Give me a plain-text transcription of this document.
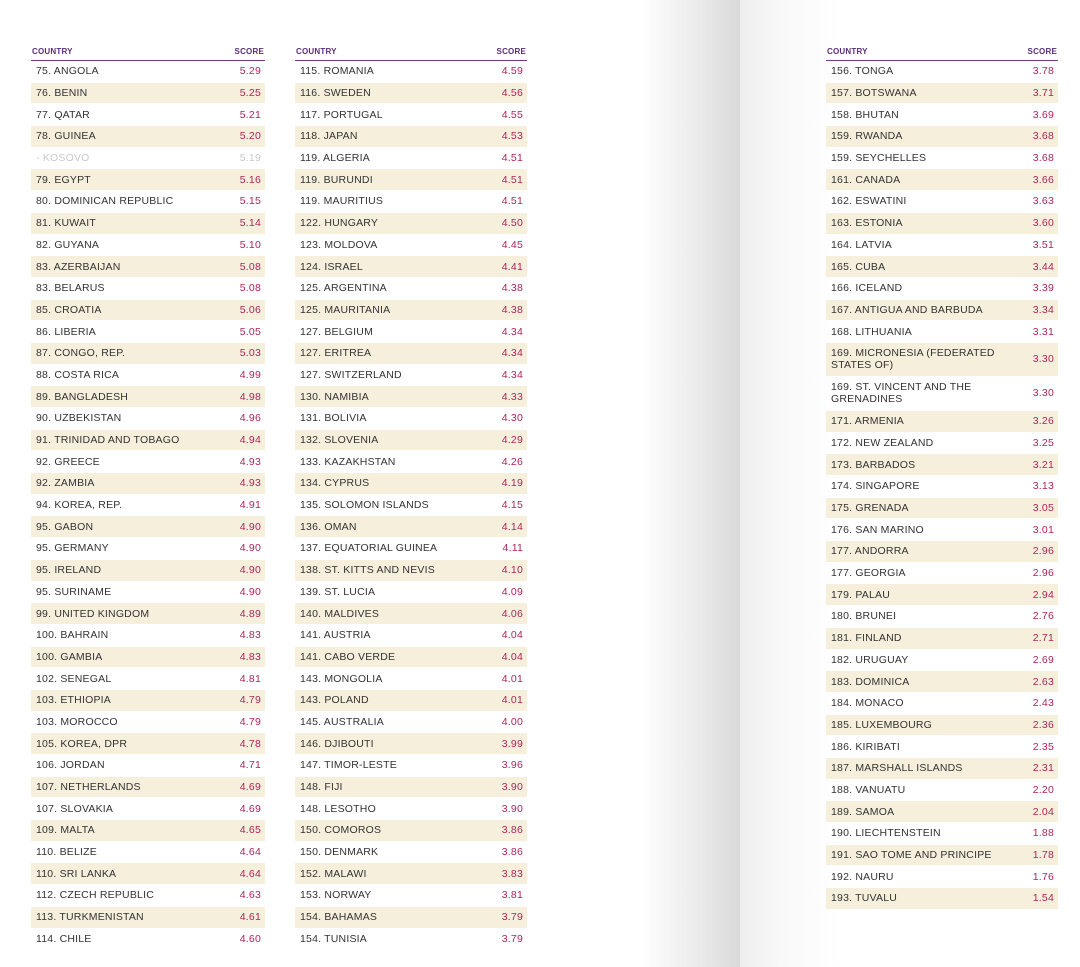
COUNTRY	SCORE
75. ANGOLA	5.29
76. BENIN	5.25
77. QATAR	5.21
78. GUINEA	5.20
- KOSOVO	5.19
79. EGYPT	5.16
80. DOMINICAN REPUBLIC	5.15
81. KUWAIT	5.14
82. GUYANA	5.10
83. AZERBAIJAN	5.08
83. BELARUS	5.08
85. CROATIA	5.06
86. LIBERIA	5.05
87. CONGO, REP.	5.03
88. COSTA RICA	4.99
89. BANGLADESH	4.98
90. UZBEKISTAN	4.96
91. TRINIDAD AND TOBAGO	4.94
92. GREECE	4.93
92. ZAMBIA	4.93
94. KOREA, REP.	4.91
95. GABON	4.90
95. GERMANY	4.90
95. IRELAND	4.90
95. SURINAME	4.90
99. UNITED KINGDOM	4.89
100. BAHRAIN	4.83
100. GAMBIA	4.83
102. SENEGAL	4.81
103. ETHIOPIA	4.79
103. MOROCCO	4.79
105. KOREA, DPR	4.78
106. JORDAN	4.71
107. NETHERLANDS	4.69
107. SLOVAKIA	4.69
109. MALTA	4.65
110. BELIZE	4.64
110. SRI LANKA	4.64
112. CZECH REPUBLIC	4.63
113. TURKMENISTAN	4.61
114. CHILE	4.60
COUNTRY	SCORE
115. ROMANIA	4.59
116. SWEDEN	4.56
117. PORTUGAL	4.55
118. JAPAN	4.53
119. ALGERIA	4.51
119. BURUNDI	4.51
119. MAURITIUS	4.51
122. HUNGARY	4.50
123. MOLDOVA	4.45
124. ISRAEL	4.41
125. ARGENTINA	4.38
125. MAURITANIA	4.38
127. BELGIUM	4.34
127. ERITREA	4.34
127. SWITZERLAND	4.34
130. NAMIBIA	4.33
131. BOLIVIA	4.30
132. SLOVENIA	4.29
133. KAZAKHSTAN	4.26
134. CYPRUS	4.19
135. SOLOMON ISLANDS	4.15
136. OMAN	4.14
137. EQUATORIAL GUINEA	4.11
138. ST. KITTS AND NEVIS	4.10
139. ST. LUCIA	4.09
140. MALDIVES	4.06
141. AUSTRIA	4.04
141. CABO VERDE	4.04
143. MONGOLIA	4.01
143. POLAND	4.01
145. AUSTRALIA	4.00
146. DJIBOUTI	3.99
147. TIMOR-LESTE	3.96
148. FIJI	3.90
148. LESOTHO	3.90
150. COMOROS	3.86
150. DENMARK	3.86
152. MALAWI	3.83
153. NORWAY	3.81
154. BAHAMAS	3.79
154. TUNISIA	3.79
COUNTRY	SCORE
156. TONGA	3.78
157. BOTSWANA	3.71
158. BHUTAN	3.69
159. RWANDA	3.68
159. SEYCHELLES	3.68
161. CANADA	3.66
162. ESWATINI	3.63
163. ESTONIA	3.60
164. LATVIA	3.51
165. CUBA	3.44
166. ICELAND	3.39
167. ANTIGUA AND BARBUDA	3.34
168. LITHUANIA	3.31
169. MICRONESIA (FEDERATED
STATES OF)	3.30
169. ST. VINCENT AND THE
GRENADINES	3.30
171. ARMENIA	3.26
172. NEW ZEALAND	3.25
173. BARBADOS	3.21
174. SINGAPORE	3.13
175. GRENADA	3.05
176. SAN MARINO	3.01
177. ANDORRA	2.96
177. GEORGIA	2.96
179. PALAU	2.94
180. BRUNEI	2.76
181. FINLAND	2.71
182. URUGUAY	2.69
183. DOMINICA	2.63
184. MONACO	2.43
185. LUXEMBOURG	2.36
186. KIRIBATI	2.35
187. MARSHALL ISLANDS	2.31
188. VANUATU	2.20
189. SAMOA	2.04
190. LIECHTENSTEIN	1.88
191. SAO TOME AND PRINCIPE	1.78
192. NAURU	1.76
193. TUVALU	1.54
